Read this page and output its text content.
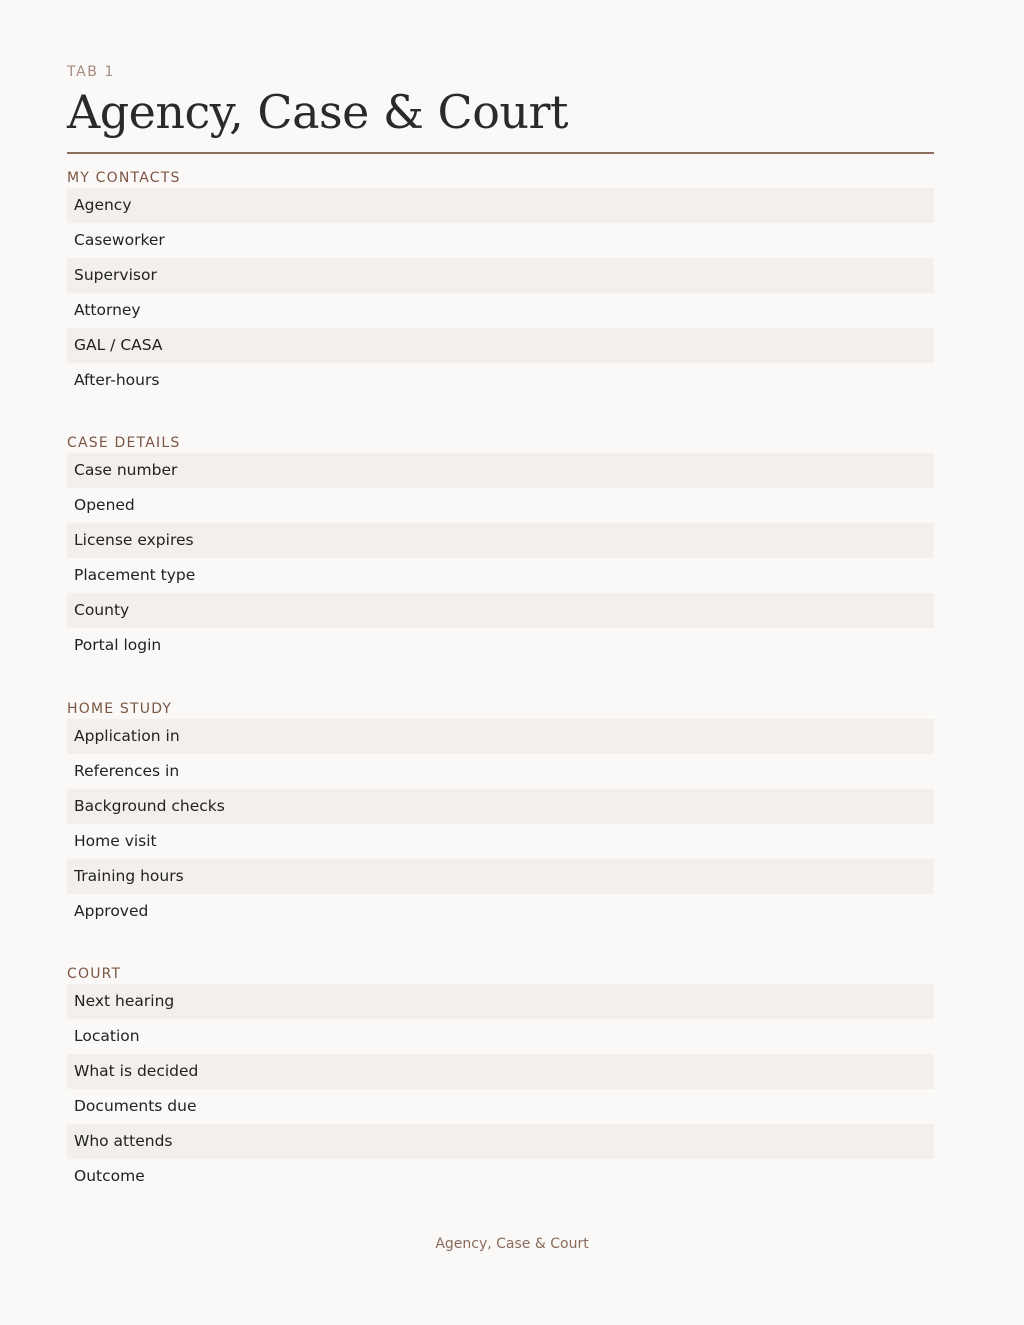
TAB 1
Agency, Case & Court
MY CONTACTS
Agency
Caseworker
Supervisor
Attorney
GAL / CASA
After-hours
CASE DETAILS
Case number
Opened
License expires
Placement type
County
Portal login
HOME STUDY
Application in
References in
Background checks
Home visit
Training hours
Approved
COURT
Next hearing
Location
What is decided
Documents due
Who attends
Outcome
Agency, Case & Court
